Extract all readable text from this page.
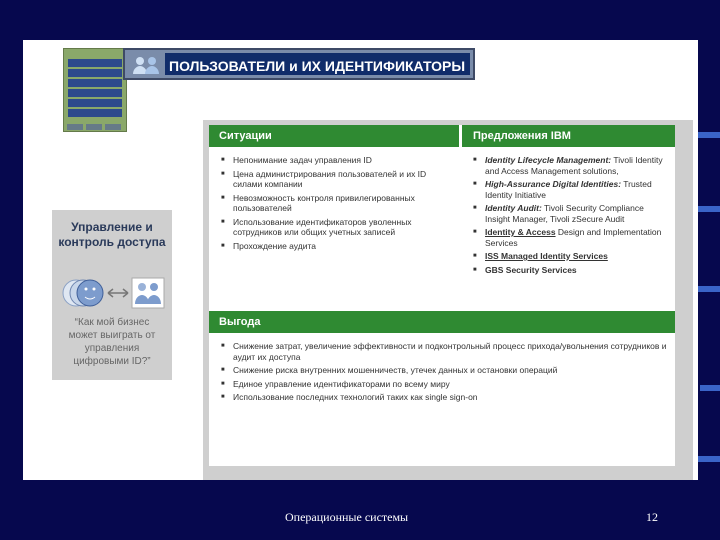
ПОЛЬЗОВАТЕЛИ и ИХ ИДЕНТИФИКАТОРЫ
Управление и
контроль доступа
“Как мой бизнес
может выиграть от
управления
цифровыми ID?”
Ситуации	Предложения IBM
■ Непонимание задач управления ID
■ Цена администрирования пользователей и их ID силами компании
■ Невозможность контроля привилегированных пользователей
■ Использование идентификаторов уволенных сотрудников или общих учетных записей
■ Прохождение аудита
■ Identity Lifecycle Management: Tivoli Identity and Access Management solutions,
■ High-Assurance Digital Identities: Trusted Identity Initiative
■ Identity Audit: Tivoli Security Compliance Insight Manager, Tivoli zSecure Audit
■ Identity & Access Design and Implementation Services
■ ISS Managed Identity Services
■ GBS Security Services
Выгода
■ Снижение затрат, увеличение эффективности и подконтрольный процесс прихода/увольнения сотрудников и аудит их доступа
■ Снижение риска внутренних мошенничеств, утечек данных и остановки операций
■ Единое управление идентификаторами по всему миру
■ Использование последних технологий таких как single sign-on
Операционные системы	12
